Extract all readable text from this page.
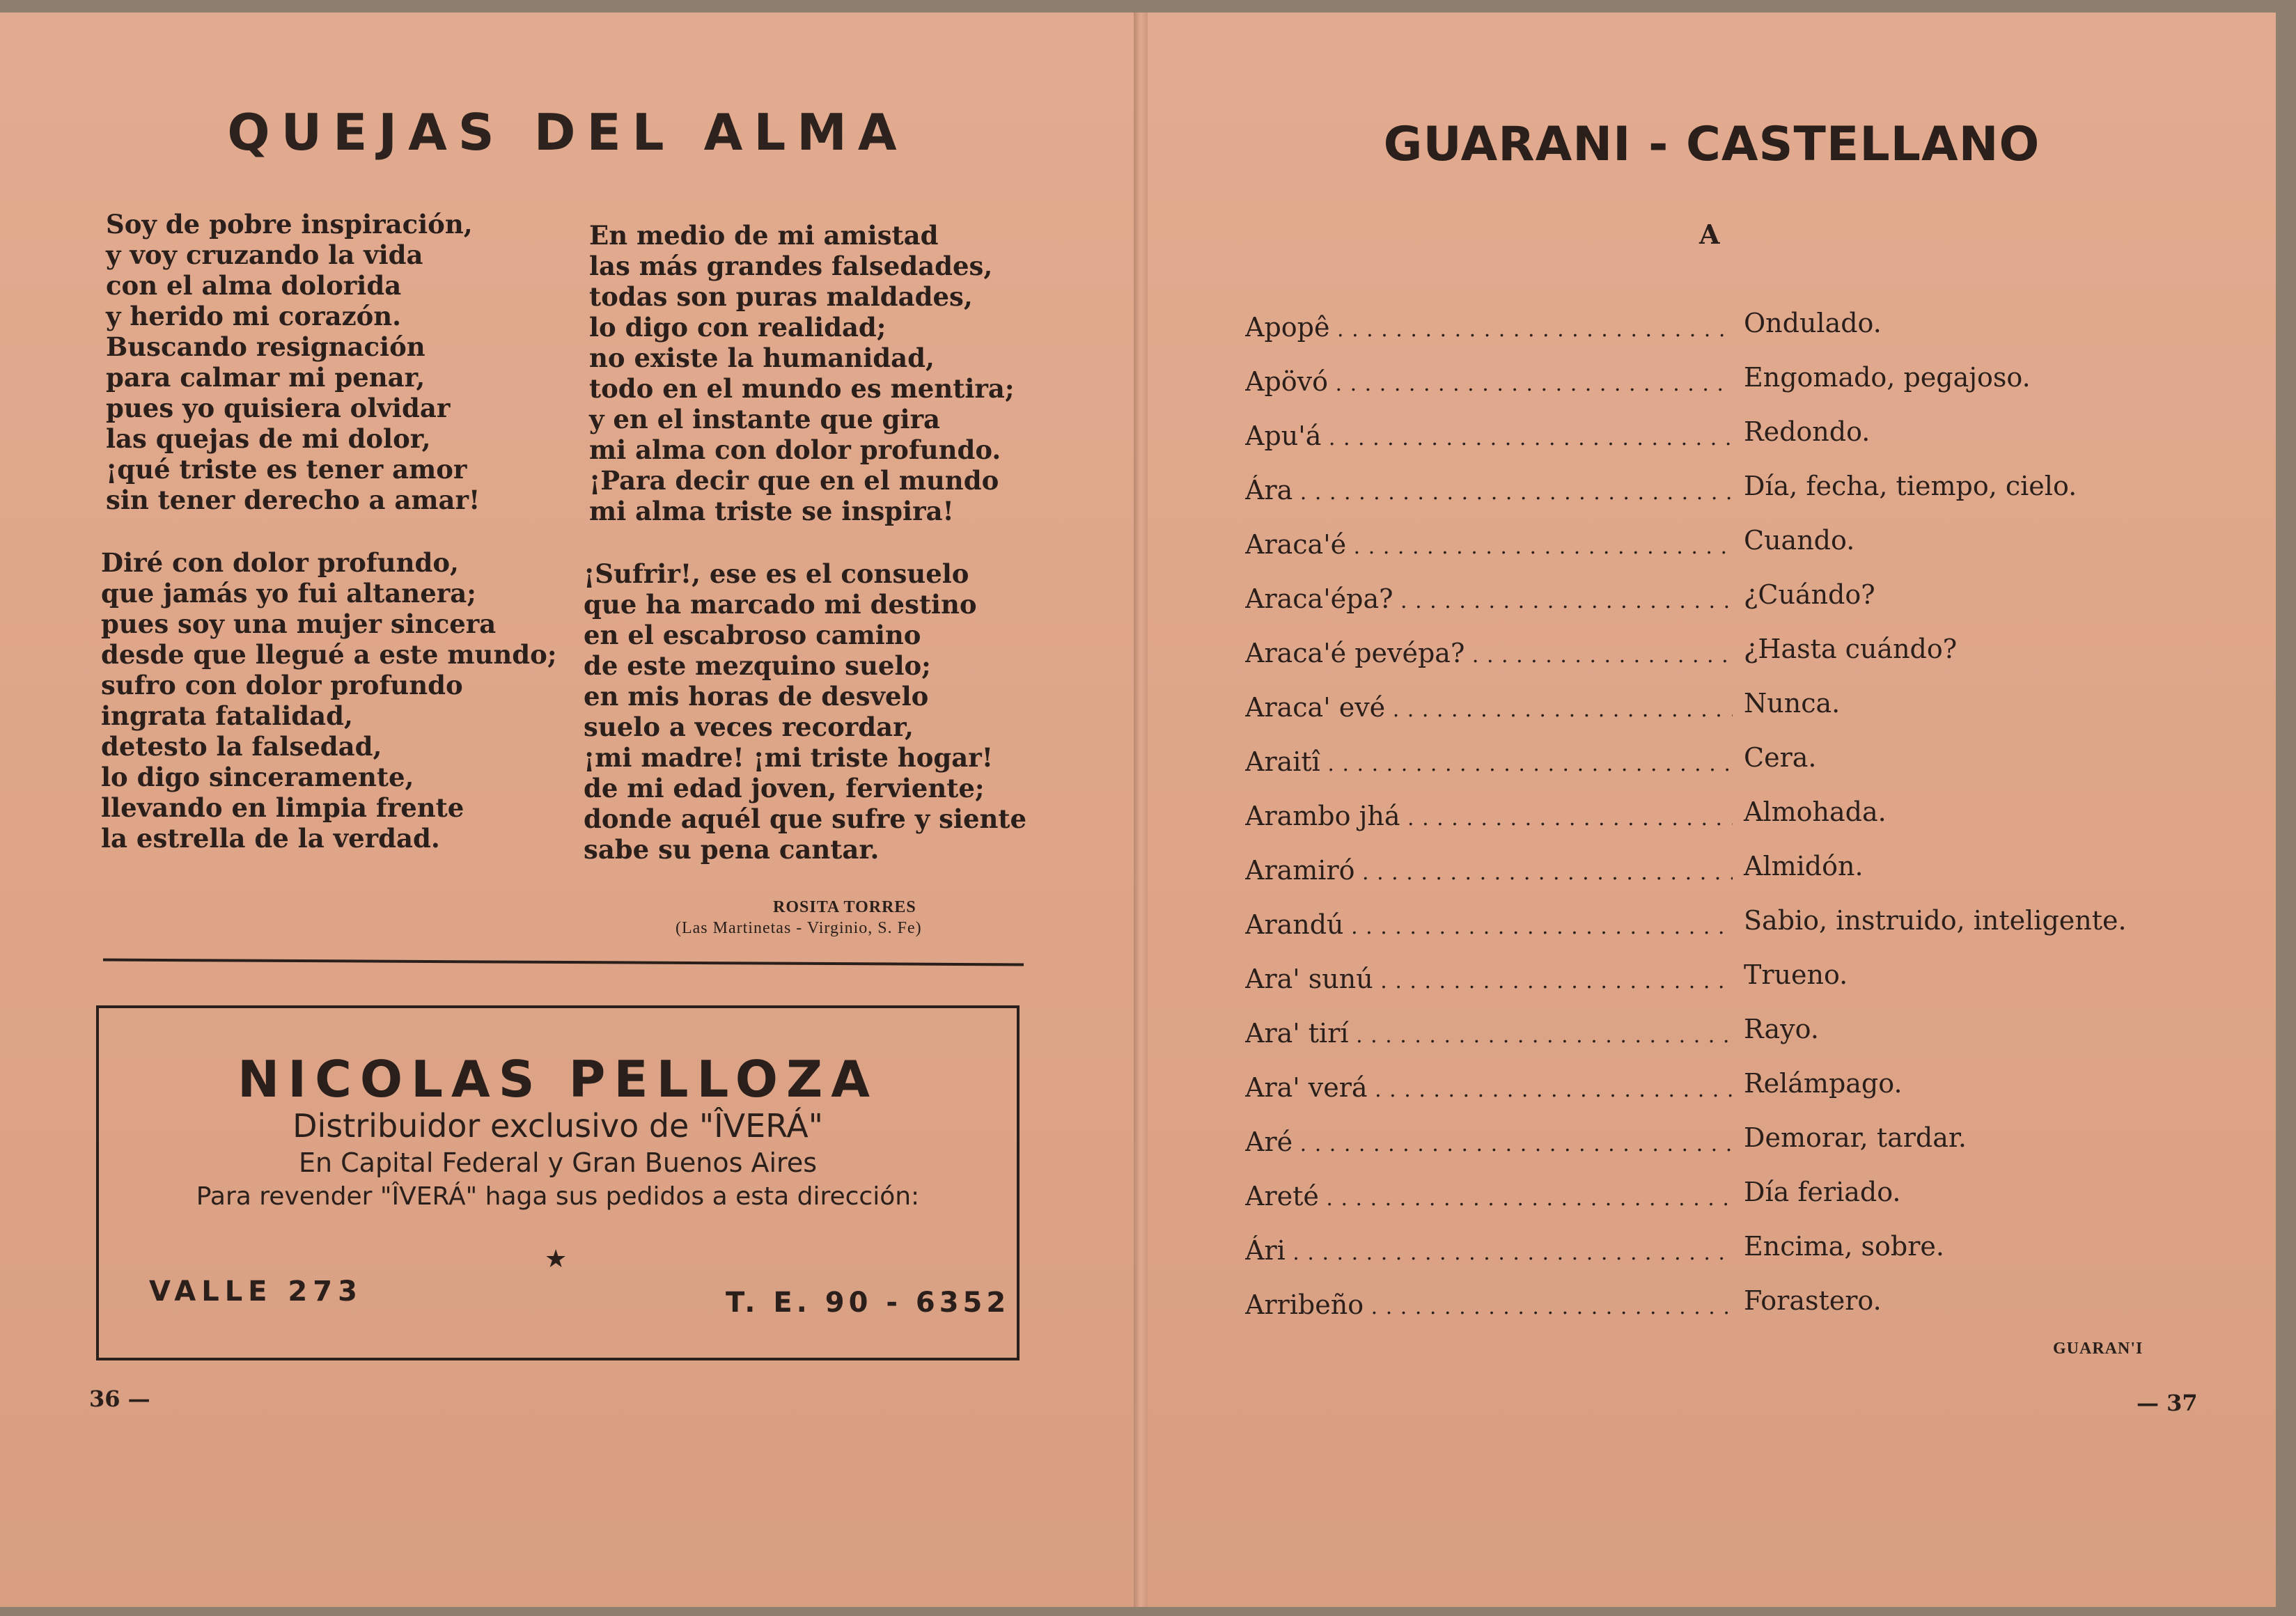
QUEJAS DEL ALMA

Soy de pobre inspiración,
y voy cruzando la vida
con el alma dolorida
y herido mi corazón.
Buscando resignación
para calmar mi penar,
pues yo quisiera olvidar
las quejas de mi dolor,
¡qué triste es tener amor
sin tener derecho a amar!

Diré con dolor profundo,
que jamás yo fui altanera;
pues soy una mujer sincera
desde que llegué a este mundo;
sufro con dolor profundo
ingrata fatalidad,
detesto la falsedad,
lo digo sinceramente,
llevando en limpia frente
la estrella de la verdad.

En medio de mi amistad
las más grandes falsedades,
todas son puras maldades,
lo digo con realidad;
no existe la humanidad,
todo en el mundo es mentira;
y en el instante que gira
mi alma con dolor profundo.
¡Para decir que en el mundo
mi alma triste se inspira!

¡Sufrir!, ese es el consuelo
que ha marcado mi destino
en el escabroso camino
de este mezquino suelo;
en mis horas de desvelo
suelo a veces recordar,
¡mi madre! ¡mi triste hogar!
de mi edad joven, ferviente;
donde aquél que sufre y siente
sabe su pena cantar.

ROSITA TORRES
(Las Martinetas - Virginio, S. Fe)
NICOLAS PELLOZA
Distribuidor exclusivo de "ÎVERÁ"
En Capital Federal y Gran Buenos Aires
Para revender "ÎVERÁ" haga sus pedidos a esta dirección:
★
VALLE 273	T. E. 90 - 6352
36 —
GUARANI - CASTELLANO
A
Apopê . . .	Ondulado.
Apövó . . .	Engomado, pegajoso.
Apu'á . . .	Redondo.
Ára . . .	Día, fecha, tiempo, cielo.
Araca'é . . .	Cuando.
Araca'épa? . . .	¿Cuándo?
Araca'é pevépa? . . .	¿Hasta cuándo?
Araca' evé . . .	Nunca.
Araitî . . .	Cera.
Arambo jhá . . .	Almohada.
Aramiró . . .	Almidón.
Arandú . . .	Sabio, instruido, inteligente.
Ara' sunú . . .	Trueno.
Ara' tirí . . .	Rayo.
Ara' verá . . .	Relámpago.
Aré . . .	Demorar, tardar.
Areté . . .	Día feriado.
Ári . . .	Encima, sobre.
Arribeño . . .	Forastero.
GUARAN'I
— 37
